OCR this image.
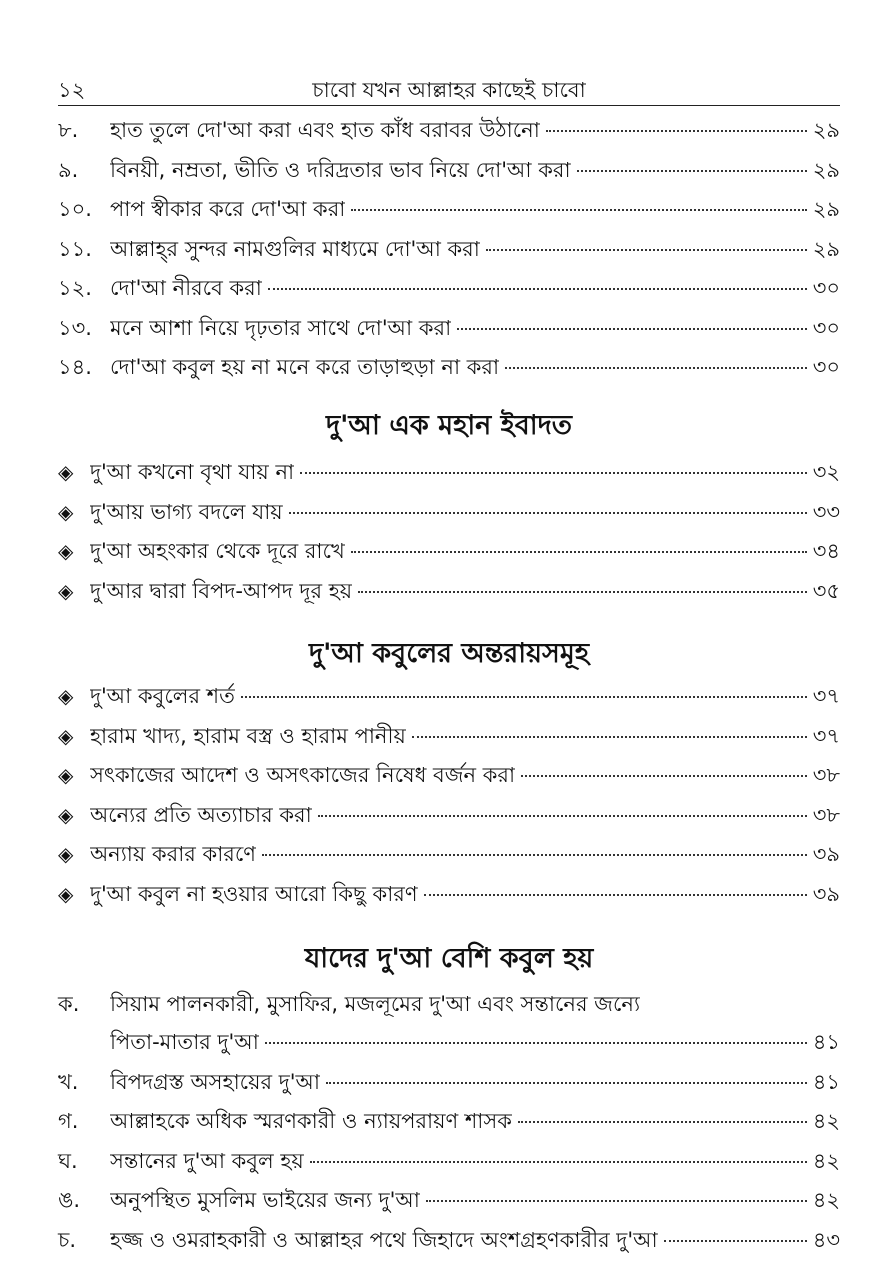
১২	চাবো যখন আল্লাহর কাছেই চাবো
৮.	হাত তুলে দো'আ করা এবং হাত কাঁধ বরাবর উঠানো	২৯
৯.	বিনয়ী, নম্রতা, ভীতি ও দরিদ্রতার ভাব নিয়ে দো'আ করা	২৯
১০. পাপ স্বীকার করে দো'আ করা	২৯
১১. আল্লাহ্‌র সুন্দর নামগুলির মাধ্যমে দো'আ করা	২৯
১২. দো'আ নীরবে করা	৩০
১৩. মনে আশা নিয়ে দৃঢ়তার সাথে দো'আ করা	৩০
১৪. দো'আ কবুল হয় না মনে করে তাড়াহুড়া না করা	৩০
দু'আ এক মহান ইবাদত
◈ দু'আ কখনো বৃথা যায় না	৩২
◈ দু'আয় ভাগ্য বদলে যায়	৩৩
◈ দু'আ অহংকার থেকে দূরে রাখে	৩৪
◈ দু'আর দ্বারা বিপদ-আপদ দূর হয়	৩৫
দু'আ কবুলের অন্তরায়সমূহ
◈ দু'আ কবুলের শর্ত	৩৭
◈ হারাম খাদ্য, হারাম বস্ত্র ও হারাম পানীয়	৩৭
◈ সৎকাজের আদেশ ও অসৎকাজের নিষেধ বর্জন করা	৩৮
◈ অন্যের প্রতি অত্যাচার করা	৩৮
◈ অন্যায় করার কারণে	৩৯
◈ দু'আ কবুল না হওয়ার আরো কিছু কারণ	৩৯
যাদের দু'আ বেশি কবুল হয়
ক.	সিয়াম পালনকারী, মুসাফির, মজলূমের দু'আ এবং সন্তানের জন্যে
পিতা-মাতার দু'আ	৪১
খ.	বিপদগ্রস্ত অসহায়ের দু'আ	৪১
গ.	আল্লাহকে অধিক স্মরণকারী ও ন্যায়পরায়ণ শাসক	৪২
ঘ.	সন্তানের দু'আ কবুল হয়	৪২
ঙ.	অনুপস্থিত মুসলিম ভাইয়ের জন্য দু'আ	৪২
চ.	হজ্জ ও ওমরাহকারী ও আল্লাহর পথে জিহাদে অংশগ্রহণকারীর দু'আ	৪৩
